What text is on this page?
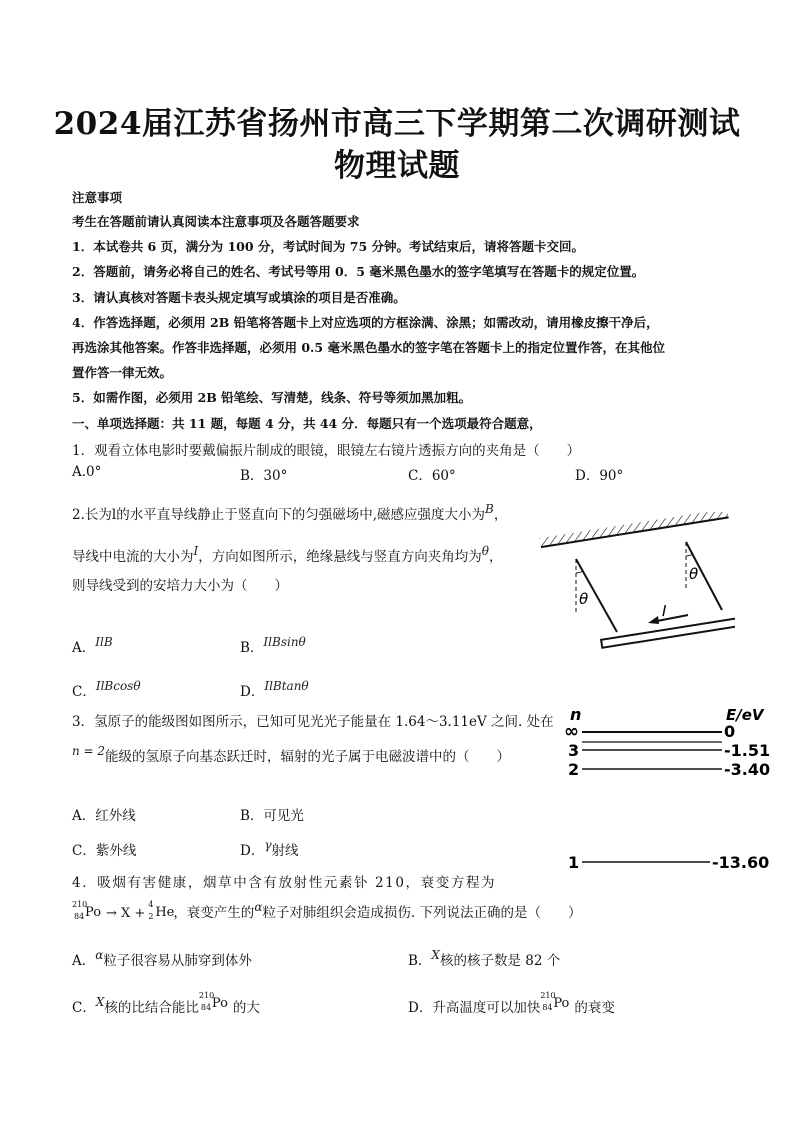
2024届江苏省扬州市高三下学期第二次调研测试
物理试题
注意事项
考生在答题前请认真阅读本注意事项及各题答题要求
1．本试卷共 6 页，满分为 100 分，考试时间为 75 分钟。考试结束后，请将答题卡交回。
2．答题前，请务必将自己的姓名、考试号等用 0．5 毫米黑色墨水的签字笔填写在答题卡的规定位置。
3．请认真核对答题卡表头规定填写或填涂的项目是否准确。
4．作答选择题，必须用 2B 铅笔将答题卡上对应选项的方框涂满、涂黑；如需改动，请用橡皮擦干净后，
再选涂其他答案。作答非选择题，必须用 0.5 毫米黑色墨水的签字笔在答题卡上的指定位置作答，在其他位
置作答一律无效。
5．如需作图，必须用 2B 铅笔绘、写清楚，线条、符号等须加黑加粗。
一、单项选择题：共 11 题，每题 4 分，共 44 分．每题只有一个选项最符合题意，
1．观看立体电影时要戴偏振片制成的眼镜，眼镜左右镜片透振方向的夹角是（　　）
A.0°	B．30°	C．60°	D．90°
2.长为l的水平直导线静止于竖直向下的匀强磁场中,磁感应强度大小为B，
导线中电流的大小为I，方向如图所示，绝缘悬线与竖直方向夹角均为θ，
则导线受到的安培力大小为（　　）
A．IlB	B．IlBsinθ
C．IlBcosθ	D．IlBtanθ
θ
θ
I
3．氢原子的能级图如图所示，已知可见光光子能量在 1.64～3.11eV 之间. 处在
n = 2能级的氢原子向基态跃迁时，辐射的光子属于电磁波谱中的（　　）
A．红外线	B．可见光
C．紫外线	D．γ射线
n	E/eV
∞	0
3	-1.51
2	-3.40
1	-13.60
4．吸烟有害健康，烟草中含有放射性元素钋 210，衰变方程为
210
84 Po → X +
4
2 He
，衰变产生的α粒子对肺组织会造成损伤. 下列说法正确的是（　　）
A．α粒子很容易从肺穿到体外	B．X核的核子数是 82 个
C．X核的比结合能比
210
84 Po 的大	D．升高温度可以加快
210
84 Po 的衰变
